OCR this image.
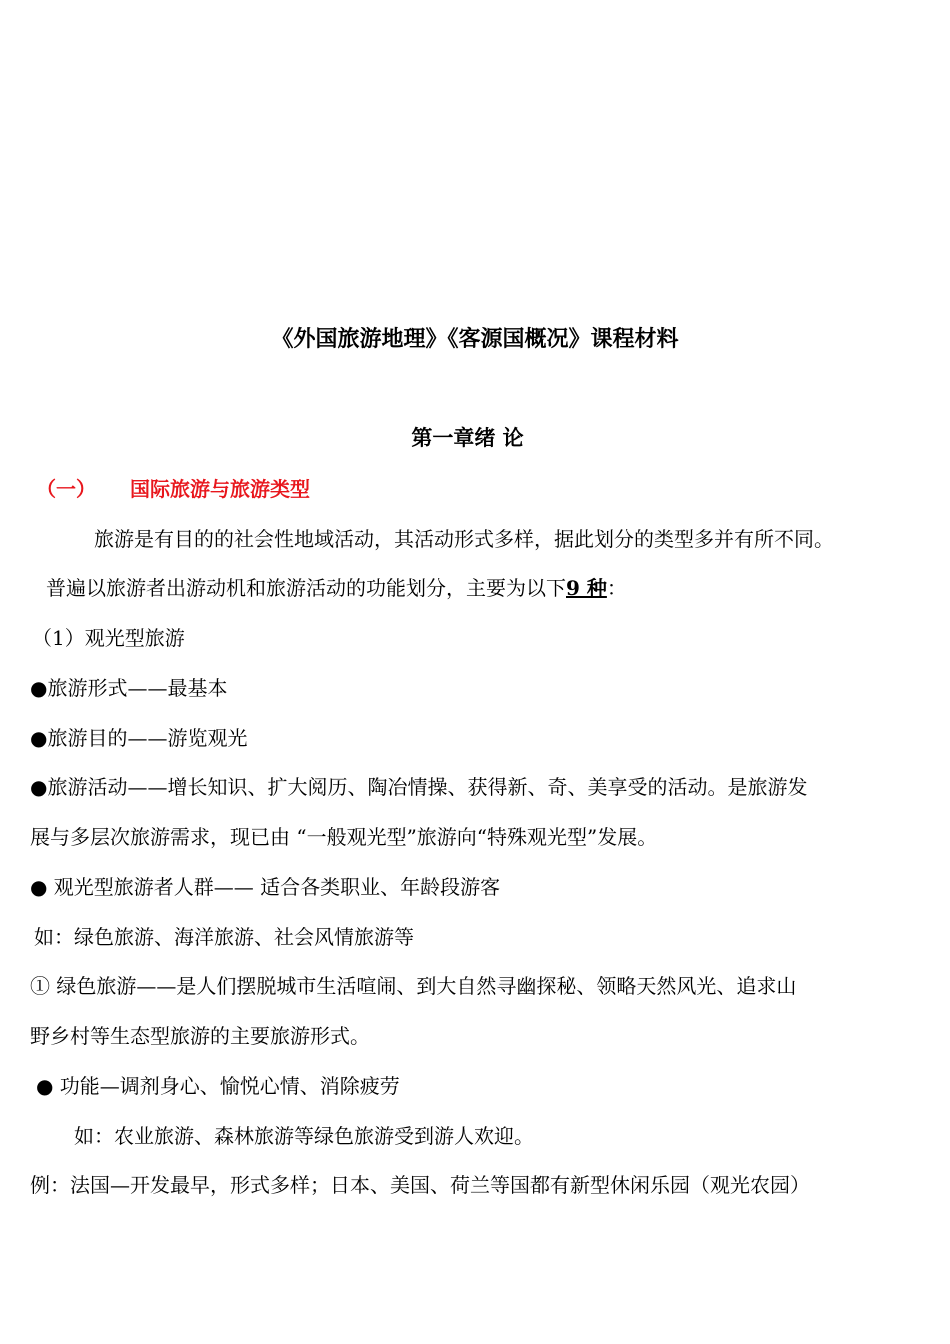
《外国旅游地理》《客源国概况》课程材料
第一章绪 论
（一） 国际旅游与旅游类型
旅游是有目的的社会性地域活动，其活动形式多样，据此划分的类型多并有所不同。
普遍以旅游者出游动机和旅游活动的功能划分，主要为以下9 种：
（1）观光型旅游
●旅游形式——最基本
●旅游目的——游览观光
●旅游活动——增长知识、扩大阅历、陶冶情操、获得新、奇、美享受的活动。是旅游发
展与多层次旅游需求，现已由 “一般观光型”旅游向“特殊观光型”发展。
● 观光型旅游者人群—— 适合各类职业、年龄段游客
如：绿色旅游、海洋旅游、社会风情旅游等
① 绿色旅游——是人们摆脱城市生活喧闹、到大自然寻幽探秘、领略天然风光、追求山
野乡村等生态型旅游的主要旅游形式。
● 功能—调剂身心、愉悦心情、消除疲劳
如：农业旅游、森林旅游等绿色旅游受到游人欢迎。
例：法国—开发最早，形式多样；日本、美国、荷兰等国都有新型休闲乐园（观光农园）
